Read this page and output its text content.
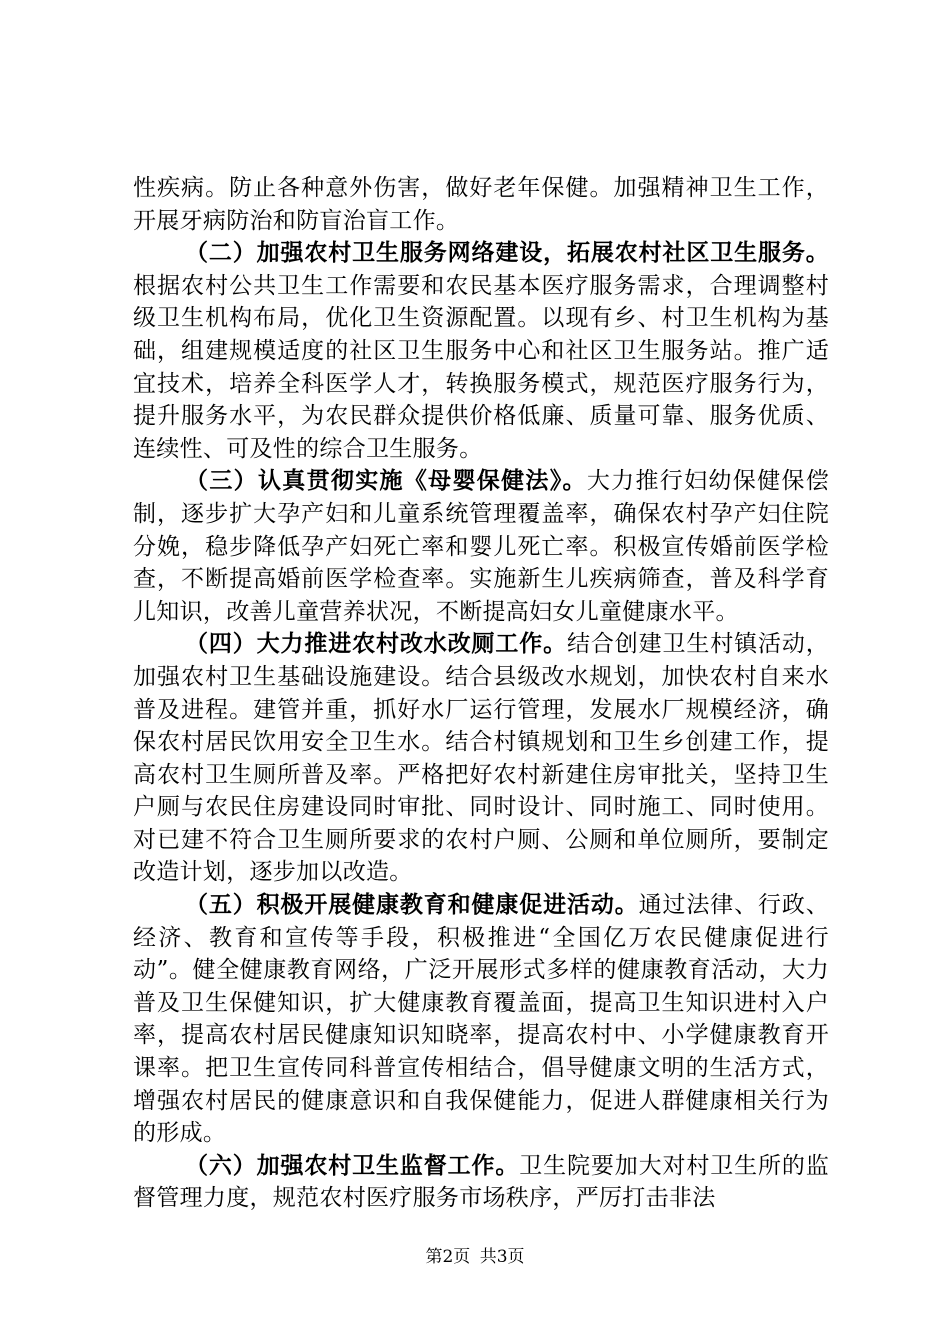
性疾病。防止各种意外伤害，做好老年保健。加强精神卫生工作，开展牙病防治和防盲治盲工作。

（二）加强农村卫生服务网络建设，拓展农村社区卫生服务。根据农村公共卫生工作需要和农民基本医疗服务需求，合理调整村级卫生机构布局，优化卫生资源配置。以现有乡、村卫生机构为基础，组建规模适度的社区卫生服务中心和社区卫生服务站。推广适宜技术，培养全科医学人才，转换服务模式，规范医疗服务行为，提升服务水平，为农民群众提供价格低廉、质量可靠、服务优质、连续性、可及性的综合卫生服务。

（三）认真贯彻实施《母婴保健法》。大力推行妇幼保健保偿制，逐步扩大孕产妇和儿童系统管理覆盖率，确保农村孕产妇住院分娩，稳步降低孕产妇死亡率和婴儿死亡率。积极宣传婚前医学检查，不断提高婚前医学检查率。实施新生儿疾病筛查，普及科学育儿知识，改善儿童营养状况，不断提高妇女儿童健康水平。

（四）大力推进农村改水改厕工作。结合创建卫生村镇活动，加强农村卫生基础设施建设。结合县级改水规划，加快农村自来水普及进程。建管并重，抓好水厂运行管理，发展水厂规模经济，确保农村居民饮用安全卫生水。结合村镇规划和卫生乡创建工作，提高农村卫生厕所普及率。严格把好农村新建住房审批关，坚持卫生户厕与农民住房建设同时审批、同时设计、同时施工、同时使用。对已建不符合卫生厕所要求的农村户厕、公厕和单位厕所，要制定改造计划，逐步加以改造。

（五）积极开展健康教育和健康促进活动。通过法律、行政、经济、教育和宣传等手段，积极推进“全国亿万农民健康促进行动”。健全健康教育网络，广泛开展形式多样的健康教育活动，大力普及卫生保健知识，扩大健康教育覆盖面，提高卫生知识进村入户率，提高农村居民健康知识知晓率，提高农村中、小学健康教育开课率。把卫生宣传同科普宣传相结合，倡导健康文明的生活方式，增强农村居民的健康意识和自我保健能力，促进人群健康相关行为的形成。

（六）加强农村卫生监督工作。卫生院要加大对村卫生所的监督管理力度，规范农村医疗服务市场秩序，严厉打击非法

第2页 共3页
